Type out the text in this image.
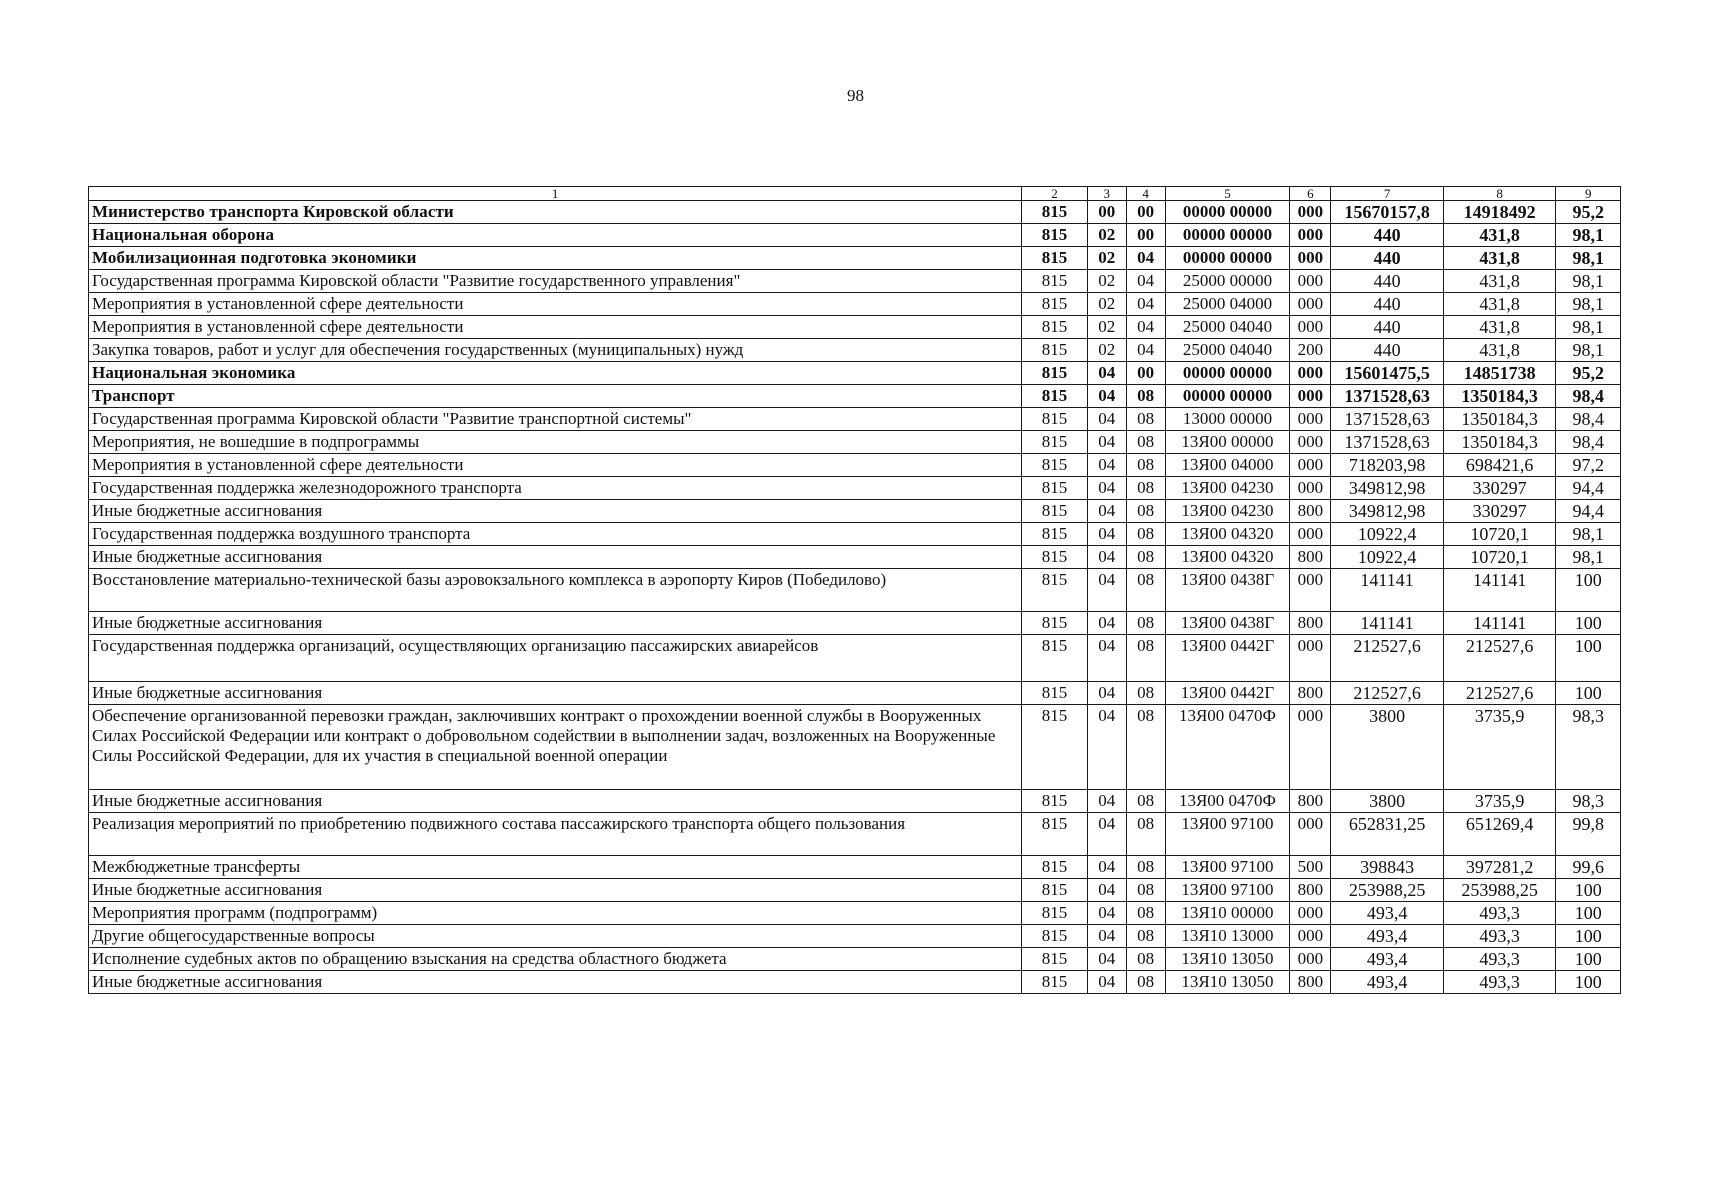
98
1	2	3	4	5	6	7	8	9
Министерство транспорта Кировской области	815	00	00	00000 00000	000	15670157,8	14918492	95,2
Национальная оборона	815	02	00	00000 00000	000	440	431,8	98,1
Мобилизационная подготовка экономики	815	02	04	00000 00000	000	440	431,8	98,1
Государственная программа Кировской области "Развитие государственного управления"	815	02	04	25000 00000	000	440	431,8	98,1
Мероприятия в установленной сфере деятельности	815	02	04	25000 04000	000	440	431,8	98,1
Мероприятия в установленной сфере деятельности	815	02	04	25000 04040	000	440	431,8	98,1
Закупка товаров, работ и услуг для обеспечения государственных (муниципальных) нужд	815	02	04	25000 04040	200	440	431,8	98,1
Национальная экономика	815	04	00	00000 00000	000	15601475,5	14851738	95,2
Транспорт	815	04	08	00000 00000	000	1371528,63	1350184,3	98,4
Государственная программа Кировской области "Развитие транспортной системы"	815	04	08	13000 00000	000	1371528,63	1350184,3	98,4
Мероприятия, не вошедшие в подпрограммы	815	04	08	13Я00 00000	000	1371528,63	1350184,3	98,4
Мероприятия в установленной сфере деятельности	815	04	08	13Я00 04000	000	718203,98	698421,6	97,2
Государственная поддержка железнодорожного транспорта	815	04	08	13Я00 04230	000	349812,98	330297	94,4
Иные бюджетные ассигнования	815	04	08	13Я00 04230	800	349812,98	330297	94,4
Государственная поддержка воздушного транспорта	815	04	08	13Я00 04320	000	10922,4	10720,1	98,1
Иные бюджетные ассигнования	815	04	08	13Я00 04320	800	10922,4	10720,1	98,1
Восстановление материально-технической базы аэровокзального комплекса в аэропорту Киров (Победилово)	815	04	08	13Я00 0438Г	000	141141	141141	100
Иные бюджетные ассигнования	815	04	08	13Я00 0438Г	800	141141	141141	100
Государственная поддержка организаций, осуществляющих организацию пассажирских авиарейсов	815	04	08	13Я00 0442Г	000	212527,6	212527,6	100
Иные бюджетные ассигнования	815	04	08	13Я00 0442Г	800	212527,6	212527,6	100
Обеспечение организованной перевозки граждан, заключивших контракт о прохождении военной службы в Вооруженных Силах Российской Федерации или контракт о добровольном содействии в выполнении задач, возложенных на Вооруженные Силы Российской Федерации, для их участия в специальной военной операции	815	04	08	13Я00 0470Ф	000	3800	3735,9	98,3
Иные бюджетные ассигнования	815	04	08	13Я00 0470Ф	800	3800	3735,9	98,3
Реализация мероприятий по приобретению подвижного состава пассажирского транспорта общего пользования	815	04	08	13Я00 97100	000	652831,25	651269,4	99,8
Межбюджетные трансферты	815	04	08	13Я00 97100	500	398843	397281,2	99,6
Иные бюджетные ассигнования	815	04	08	13Я00 97100	800	253988,25	253988,25	100
Мероприятия программ (подпрограмм)	815	04	08	13Я10 00000	000	493,4	493,3	100
Другие общегосударственные вопросы	815	04	08	13Я10 13000	000	493,4	493,3	100
Исполнение судебных актов по обращению взыскания на средства областного бюджета	815	04	08	13Я10 13050	000	493,4	493,3	100
Иные бюджетные ассигнования	815	04	08	13Я10 13050	800	493,4	493,3	100
